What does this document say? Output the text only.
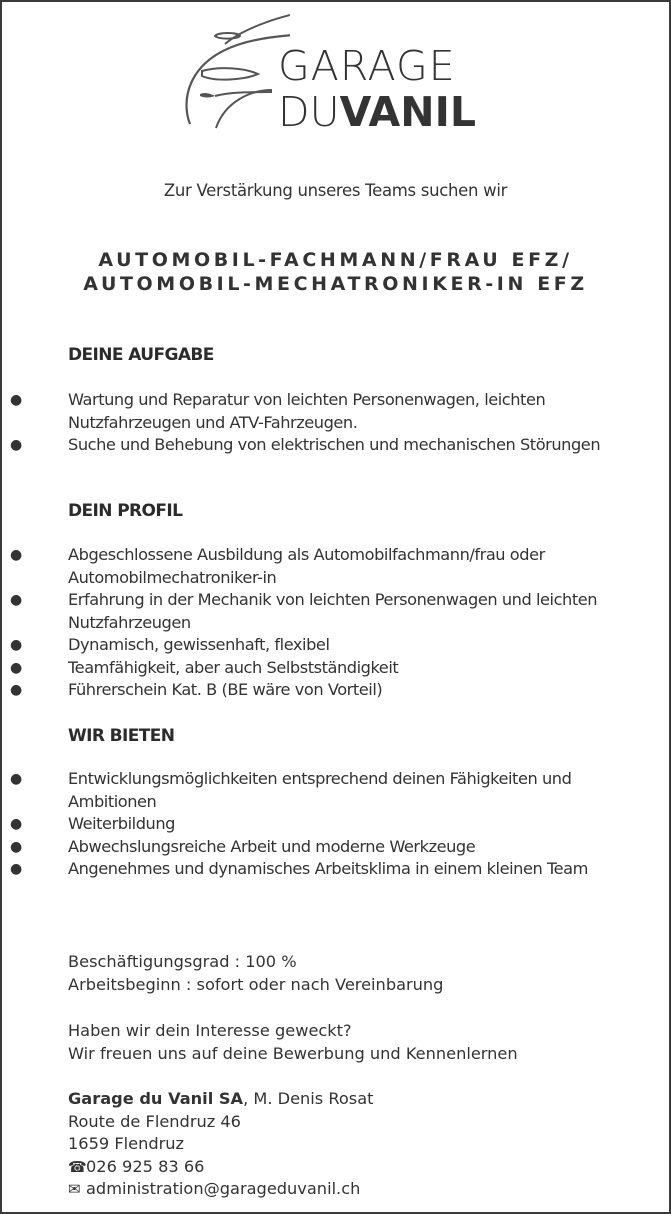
GARAGE
DUVANIL
Zur Verstärkung unseres Teams suchen wir
AUTOMOBIL-FACHMANN/FRAU EFZ/
AUTOMOBIL-MECHATRONIKER-IN EFZ
DEINE AUFGABE
●	Wartung und Reparatur von leichten Personenwagen, leichten Nutzfahrzeugen und ATV-Fahrzeugen.
●	Suche und Behebung von elektrischen und mechanischen Störungen
DEIN PROFIL
●	Abgeschlossene Ausbildung als Automobilfachmann/frau oder Automobilmechatroniker-in
●	Erfahrung in der Mechanik von leichten Personenwagen und leichten Nutzfahrzeugen
●	Dynamisch, gewissenhaft, flexibel
●	Teamfähigkeit, aber auch Selbstständigkeit
●	Führerschein Kat. B (BE wäre von Vorteil)
WIR BIETEN
●	Entwicklungsmöglichkeiten entsprechend deinen Fähigkeiten und Ambitionen
●	Weiterbildung
●	Abwechslungsreiche Arbeit und moderne Werkzeuge
●	Angenehmes und dynamisches Arbeitsklima in einem kleinen Team
Beschäftigungsgrad : 100 %
Arbeitsbeginn : sofort oder nach Vereinbarung
Haben wir dein Interesse geweckt?
Wir freuen uns auf deine Bewerbung und Kennenlernen
Garage du Vanil SA, M. Denis Rosat
Route de Flendruz 46
1659 Flendruz
☎026 925 83 66
✉ administration@garageduvanil.ch
